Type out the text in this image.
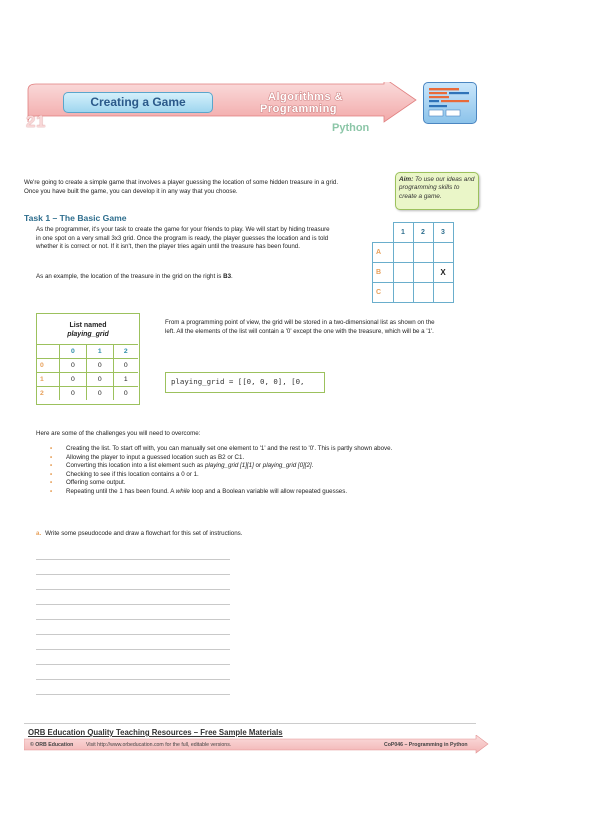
21
Creating a Game	Algorithms &
Programming
Python
We're going to create a simple game that involves a player guessing the location of some hidden treasure in a grid. Once you have built the game, you can develop it in any way that you choose.
Aim: To use our ideas and programming skills to create a game.
Task 1 – The Basic Game
As the programmer, it's your task to create the game for your friends to play. We will start by hiding treasure in one spot on a very small 3x3 grid. Once the program is ready, the player guesses the location and is told whether it is correct or not. If it isn't, then the player tries again until the treasure has been found.
As an example, the location of the treasure in the grid on the right is B3.
	1	2	3
A			
B			X
C			
List named
playing_grid
	0	1	2
0	0	0	0
1	0	0	1
2	0	0	0
From a programming point of view, the grid will be stored in a two-dimensional list as shown on the left. All the elements of the list will contain a '0' except the one with the treasure, which will be a '1'.
playing_grid = [[0, 0, 0], [0,
Here are some of the challenges you will need to overcome:
• Creating the list. To start off with, you can manually set one element to '1' and the rest to '0'. This is partly shown above.
• Allowing the player to input a guessed location such as B2 or C1.
• Converting this location into a list element such as playing_grid [1][1] or playing_grid [0][2].
• Checking to see if this location contains a 0 or 1.
• Offering some output.
• Repeating until the 1 has been found. A while loop and a Boolean variable will allow repeated guesses.
a. Write some pseudocode and draw a flowchart for this set of instructions.
ORB Education Quality Teaching Resources – Free Sample Materials
© ORB Education Visit http://www.orbeducation.com for the full, editable versions.	CoP046 – Programming in Python
